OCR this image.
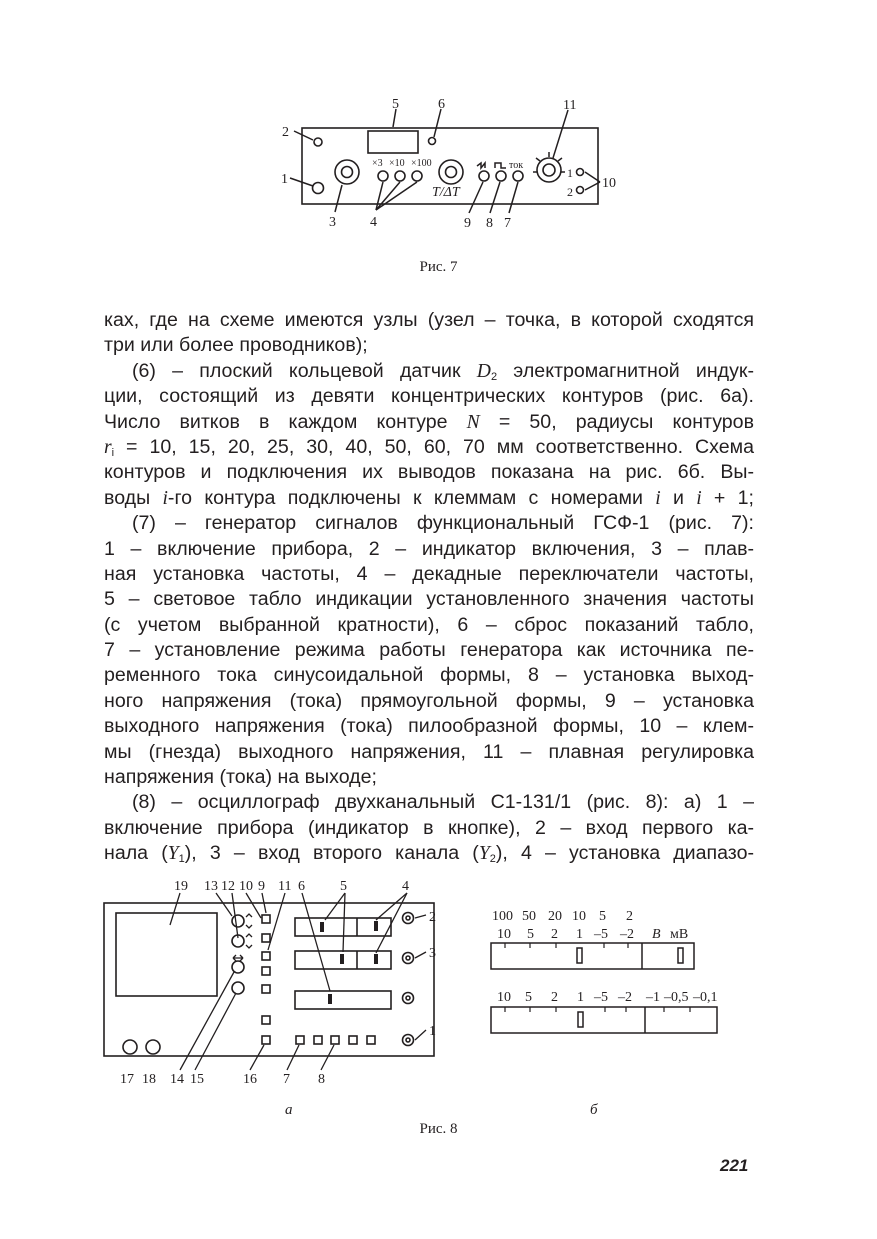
5	6	11
2
1
×3 ×10 ×100
T/ΔT
ток
1
2
10
3 4	9 8 7
Рис. 7
ках, где на схеме имеются узлы (узел – точка, в которой сходятся
три или более проводников);
(6) – плоский кольцевой датчик $D_2$ электромагнитной индук-
ции, состоящий из девяти концентрических контуров (рис. 6а).
Число витков в каждом контуре N = 50, радиусы контуров
$r_i = 10$, 15, 20, 25, 30, 40, 50, 60, 70 мм соответственно. Схема
контуров и подключения их выводов показана на рис. 6б. Вы-
воды i-го контура подключены к клеммам с номерами i и i + 1;
(7) – генератор сигналов функциональный ГСФ-1 (рис. 7):
1 – включение прибора, 2 – индикатор включения, 3 – плав-
ная установка частоты, 4 – декадные переключатели частоты,
5 – световое табло индикации установленного значения частоты
(с учетом выбранной кратности), 6 – сброс показаний табло,
7 – установление режима работы генератора как источника пе-
ременного тока синусоидальной формы, 8 – установка выход-
ного напряжения (тока) прямоугольной формы, 9 – установка
выходного напряжения (тока) пилообразной формы, 10 – клем-
мы (гнезда) выходного напряжения, 11 – плавная регулировка
напряжения (тока) на выходе;
(8) – осциллограф двухканальный С1-131/1 (рис. 8): а) 1 –
включение прибора (индикатор в кнопке), 2 – вход первого ка-
нала $(Y_1)$, 3 – вход второго канала $(Y_2)$, 4 – установка диапазо-
19 13 12 10 9 11 6	5	4
2
3
1
17 18 14 15	16 7 8
100 50 20 10 5 2
10 5 2 1 –5 –2 В мВ
10 5 2 1 –5 –2 –1 –0,5 –0,1
а	б
Рис. 8
221
